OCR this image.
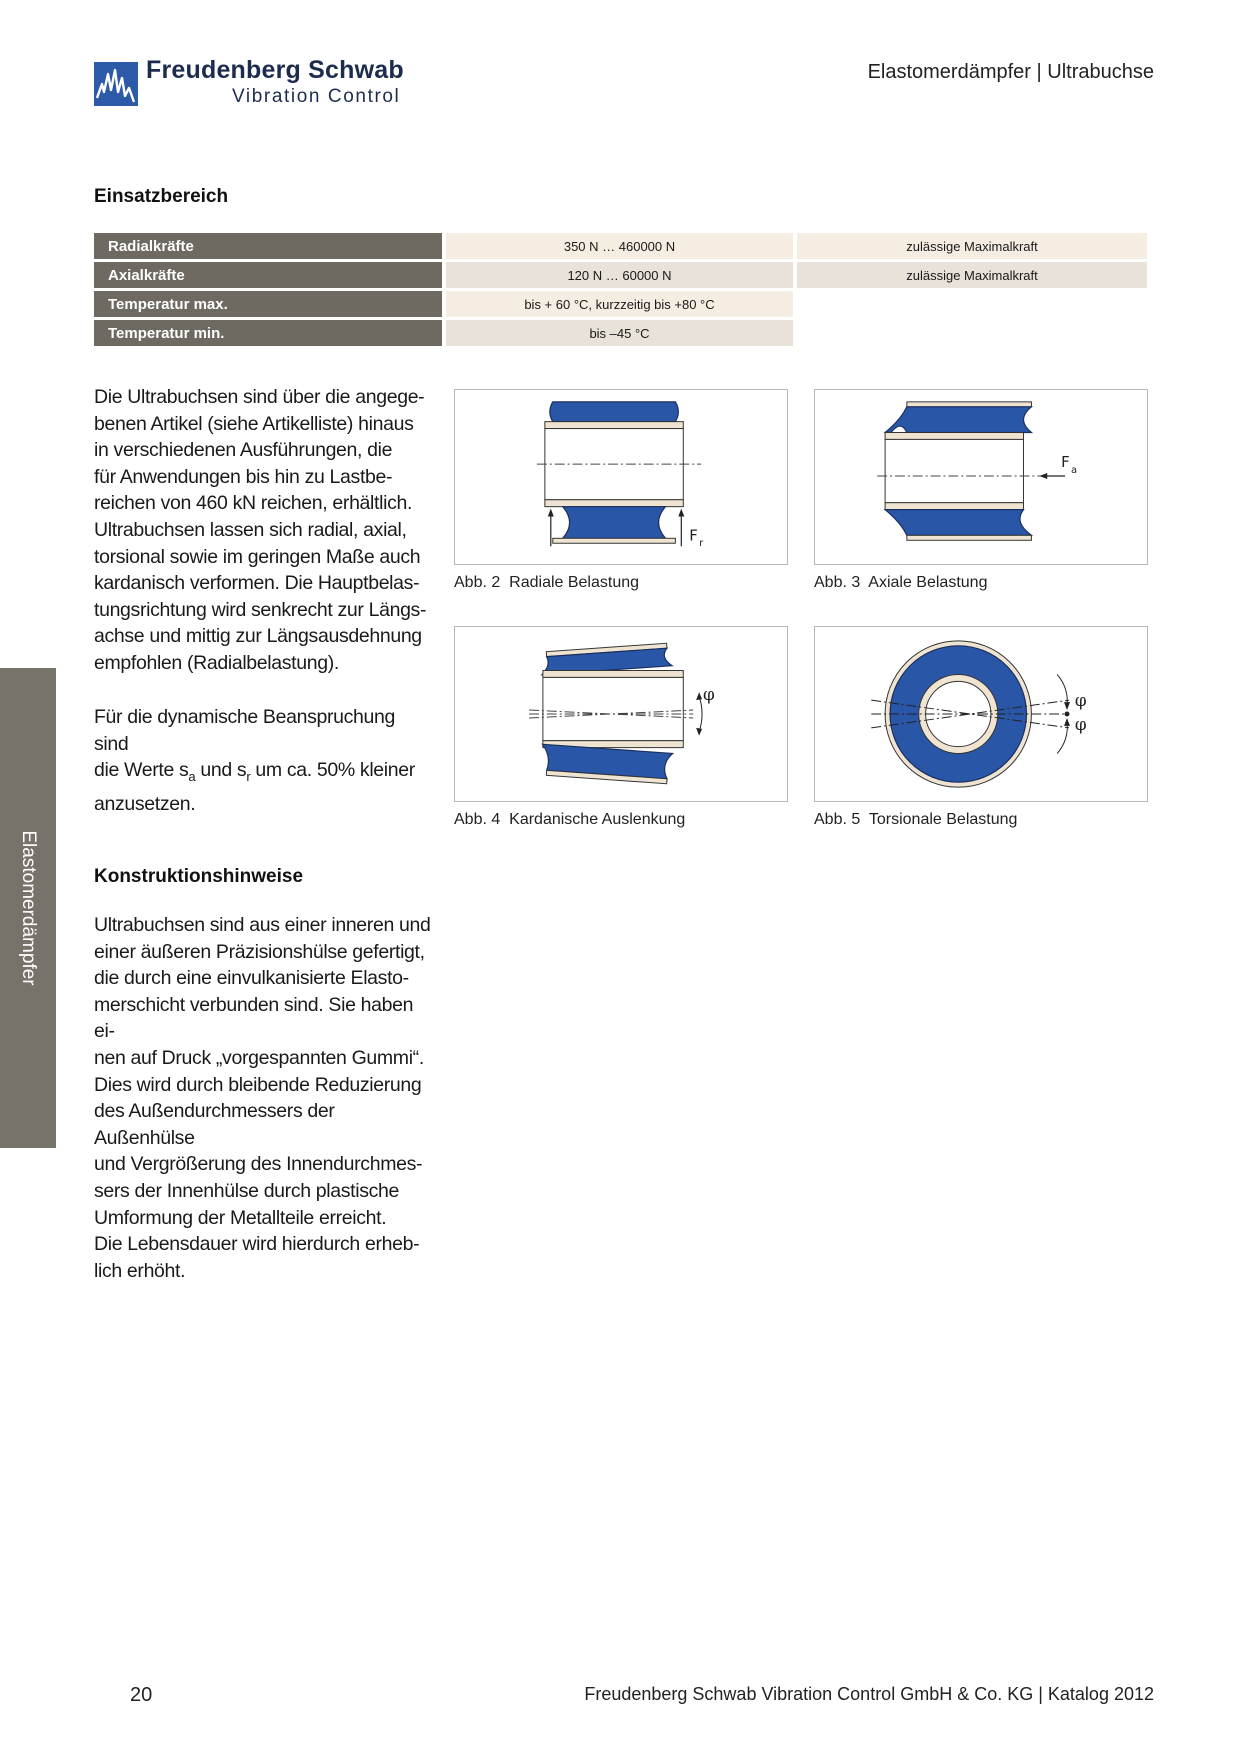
Freudenberg Schwab
Vibration Control
Elastomerdämpfer | Ultrabuchse
Einsatzbereich
Radialkräfte		350 N … 460000 N		zulässige Maximalkraft
Axialkräfte		120 N … 60000 N		zulässige Maximalkraft
Temperatur max.		bis + 60 °C, kurzzeitig bis +80 °C		
Temperatur min.		bis –45 °C		

Die Ultrabuchsen sind über die angege-

benen Artikel (siehe Artikelliste) hinaus

in verschiedenen Ausführungen, die

für Anwendungen bis hin zu Lastbe-

reichen von 460 kN reichen, erhältlich.

Ultrabuchsen lassen sich radial, axial,

torsional sowie im geringen Maße auch

kardanisch verformen. Die Hauptbelas-

tungsrichtung wird senkrecht zur Längs-

achse und mittig zur Längsausdehnung

empfohlen (Radialbelastung).

Für die dynamische Beanspruchung sind

die Werte $s_a$ und $s_r$ um ca. 50% kleiner

anzusetzen.

F r
Abb. 2 Radiale Belastung
F a
Abb. 3 Axiale Belastung
φ
Abb. 4 Kardanische Auslenkung
φ
φ
Abb. 5 Torsionale Belastung
Konstruktionshinweise

Ultrabuchsen sind aus einer inneren und

einer äußeren Präzisionshülse gefertigt,

die durch eine einvulkanisierte Elasto-

merschicht verbunden sind. Sie haben ei-

nen auf Druck „vorgespannten Gummi“.

Dies wird durch bleibende Reduzierung

des Außendurchmessers der Außenhülse

und Vergrößerung des Innendurchmes-

sers der Innenhülse durch plastische

Umformung der Metallteile erreicht.

Die Lebensdauer wird hierdurch erheb-

lich erhöht.

Elastomerdämpfer
20	Freudenberg Schwab Vibration Control GmbH & Co. KG | Katalog 2012
